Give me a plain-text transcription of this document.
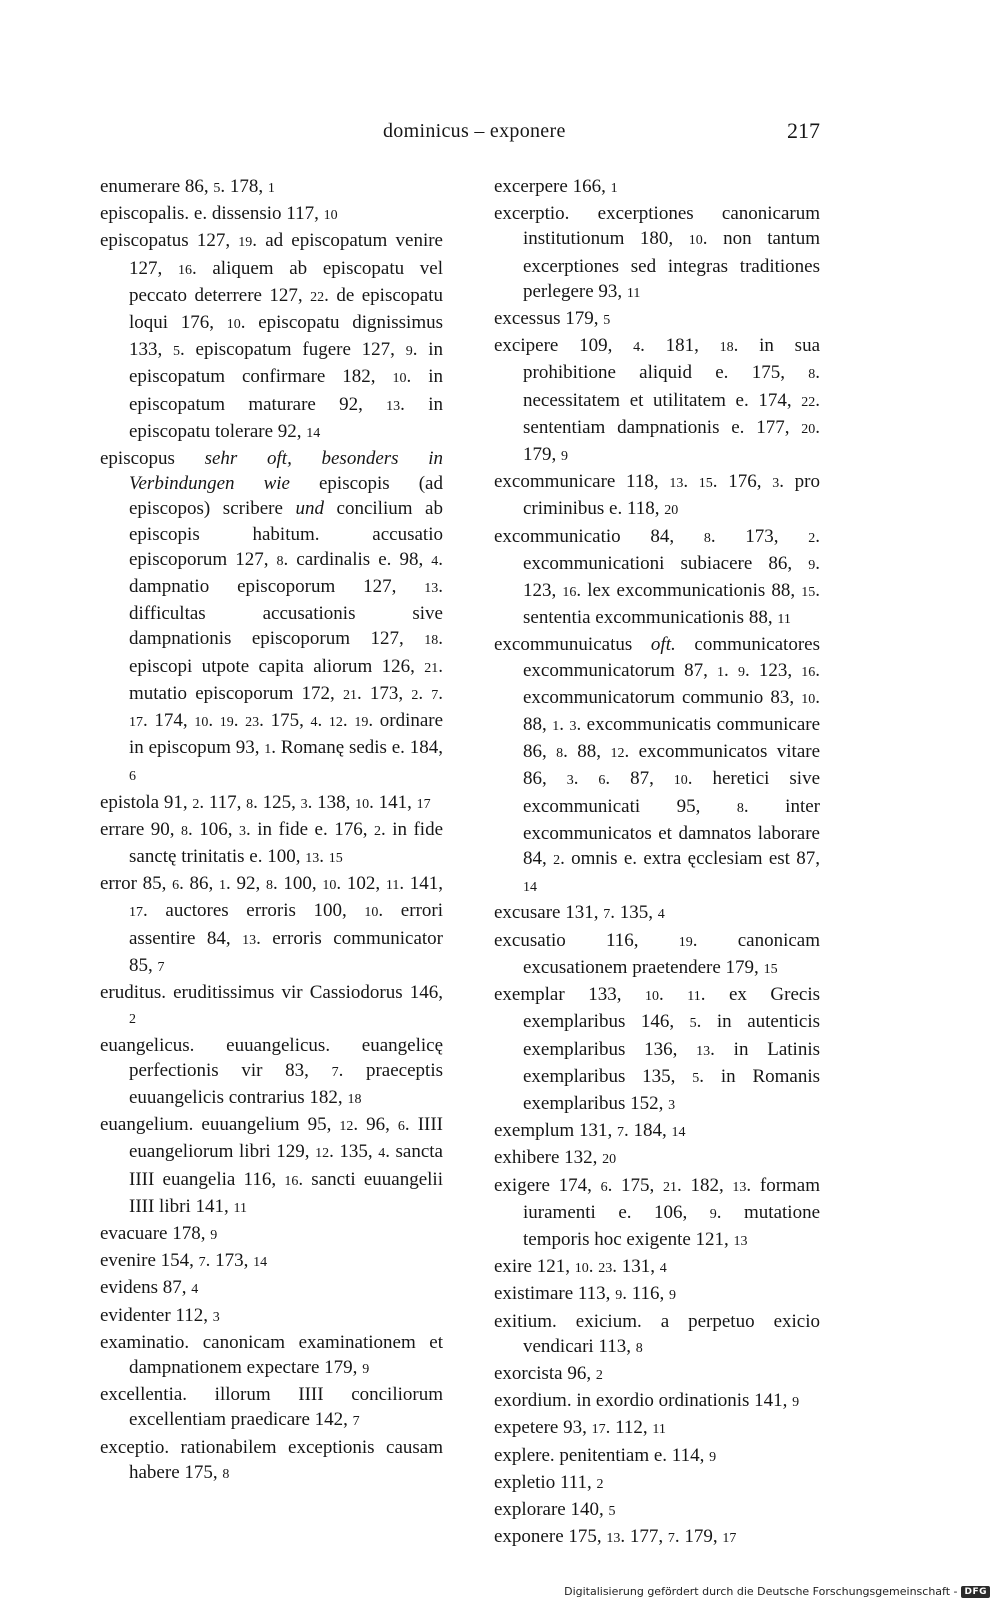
dominicus – exponere	217
enumerare 86, 5. 178, 1
episcopalis. e. dissensio 117, 10
episcopatus 127, 19. ad episcopatum venire 127, 16. aliquem ab episcopatu vel peccato deterrere 127, 22. de episcopatu loqui 176, 10. episcopatu dignissimus 133, 5. episcopatum fugere 127, 9. in episcopatum confirmare 182, 10. in episcopatum maturare 92, 13. in episcopatu tolerare 92, 14
episcopus sehr oft, besonders in Verbindungen wie episcopis (ad episcopos) scribere und concilium ab episcopis habitum. accusatio episcoporum 127, 8. cardinalis e. 98, 4. dampnatio episcoporum 127, 13. difficultas accusationis sive dampnationis episcoporum 127, 18. episcopi utpote capita aliorum 126, 21. mutatio episcoporum 172, 21. 173, 2. 7. 17. 174, 10. 19. 23. 175, 4. 12. 19. ordinare in episcopum 93, 1. Romanę sedis e. 184, 6
epistola 91, 2. 117, 8. 125, 3. 138, 10. 141, 17
errare 90, 8. 106, 3. in fide e. 176, 2. in fide sanctę trinitatis e. 100, 13. 15
error 85, 6. 86, 1. 92, 8. 100, 10. 102, 11. 141, 17. auctores erroris 100, 10. errori assentire 84, 13. erroris communicator 85, 7
eruditus. eruditissimus vir Cassiodorus 146, 2
euangelicus. euuangelicus. euangelicę perfectionis vir 83, 7. praeceptis euuangelicis contrarius 182, 18
euangelium. euuangelium 95, 12. 96, 6. IIII euangeliorum libri 129, 12. 135, 4. sancta IIII euangelia 116, 16. sancti euuangelii IIII libri 141, 11
evacuare 178, 9
evenire 154, 7. 173, 14
evidens 87, 4
evidenter 112, 3
examinatio. canonicam examinationem et dampnationem expectare 179, 9
excellentia. illorum IIII conciliorum excellentiam praedicare 142, 7
exceptio. rationabilem exceptionis causam habere 175, 8
excerpere 166, 1
excerptio. excerptiones canonicarum institutionum 180, 10. non tantum excerptiones sed integras traditiones perlegere 93, 11
excessus 179, 5
excipere 109, 4. 181, 18. in sua prohibitione aliquid e. 175, 8. necessitatem et utilitatem e. 174, 22. sententiam dampnationis e. 177, 20. 179, 9
excommunicare 118, 13. 15. 176, 3. pro criminibus e. 118, 20
excommunicatio 84, 8. 173, 2. excommunicationi subiacere 86, 9. 123, 16. lex excommunicationis 88, 15. sententia excommunicationis 88, 11
excommunuicatus oft. communicatores excommunicatorum 87, 1. 9. 123, 16. excommunicatorum communio 83, 10. 88, 1. 3. excommunicatis communicare 86, 8. 88, 12. excommunicatos vitare 86, 3. 6. 87, 10. heretici sive excommunicati 95, 8. inter excommunicatos et damnatos laborare 84, 2. omnis e. extra ęcclesiam est 87, 14
excusare 131, 7. 135, 4
excusatio 116, 19. canonicam excusationem praetendere 179, 15
exemplar 133, 10. 11. ex Grecis exemplaribus 146, 5. in autenticis exemplaribus 136, 13. in Latinis exemplaribus 135, 5. in Romanis exemplaribus 152, 3
exemplum 131, 7. 184, 14
exhibere 132, 20
exigere 174, 6. 175, 21. 182, 13. formam iuramenti e. 106, 9. mutatione temporis hoc exigente 121, 13
exire 121, 10. 23. 131, 4
existimare 113, 9. 116, 9
exitium. exicium. a perpetuo exicio vendicari 113, 8
exorcista 96, 2
exordium. in exordio ordinationis 141, 9
expetere 93, 17. 112, 11
explere. penitentiam e. 114, 9
expletio 111, 2
explorare 140, 5
exponere 175, 13. 177, 7. 179, 17
Digitalisierung gefördert durch die Deutsche Forschungsgemeinschaft - DFG
